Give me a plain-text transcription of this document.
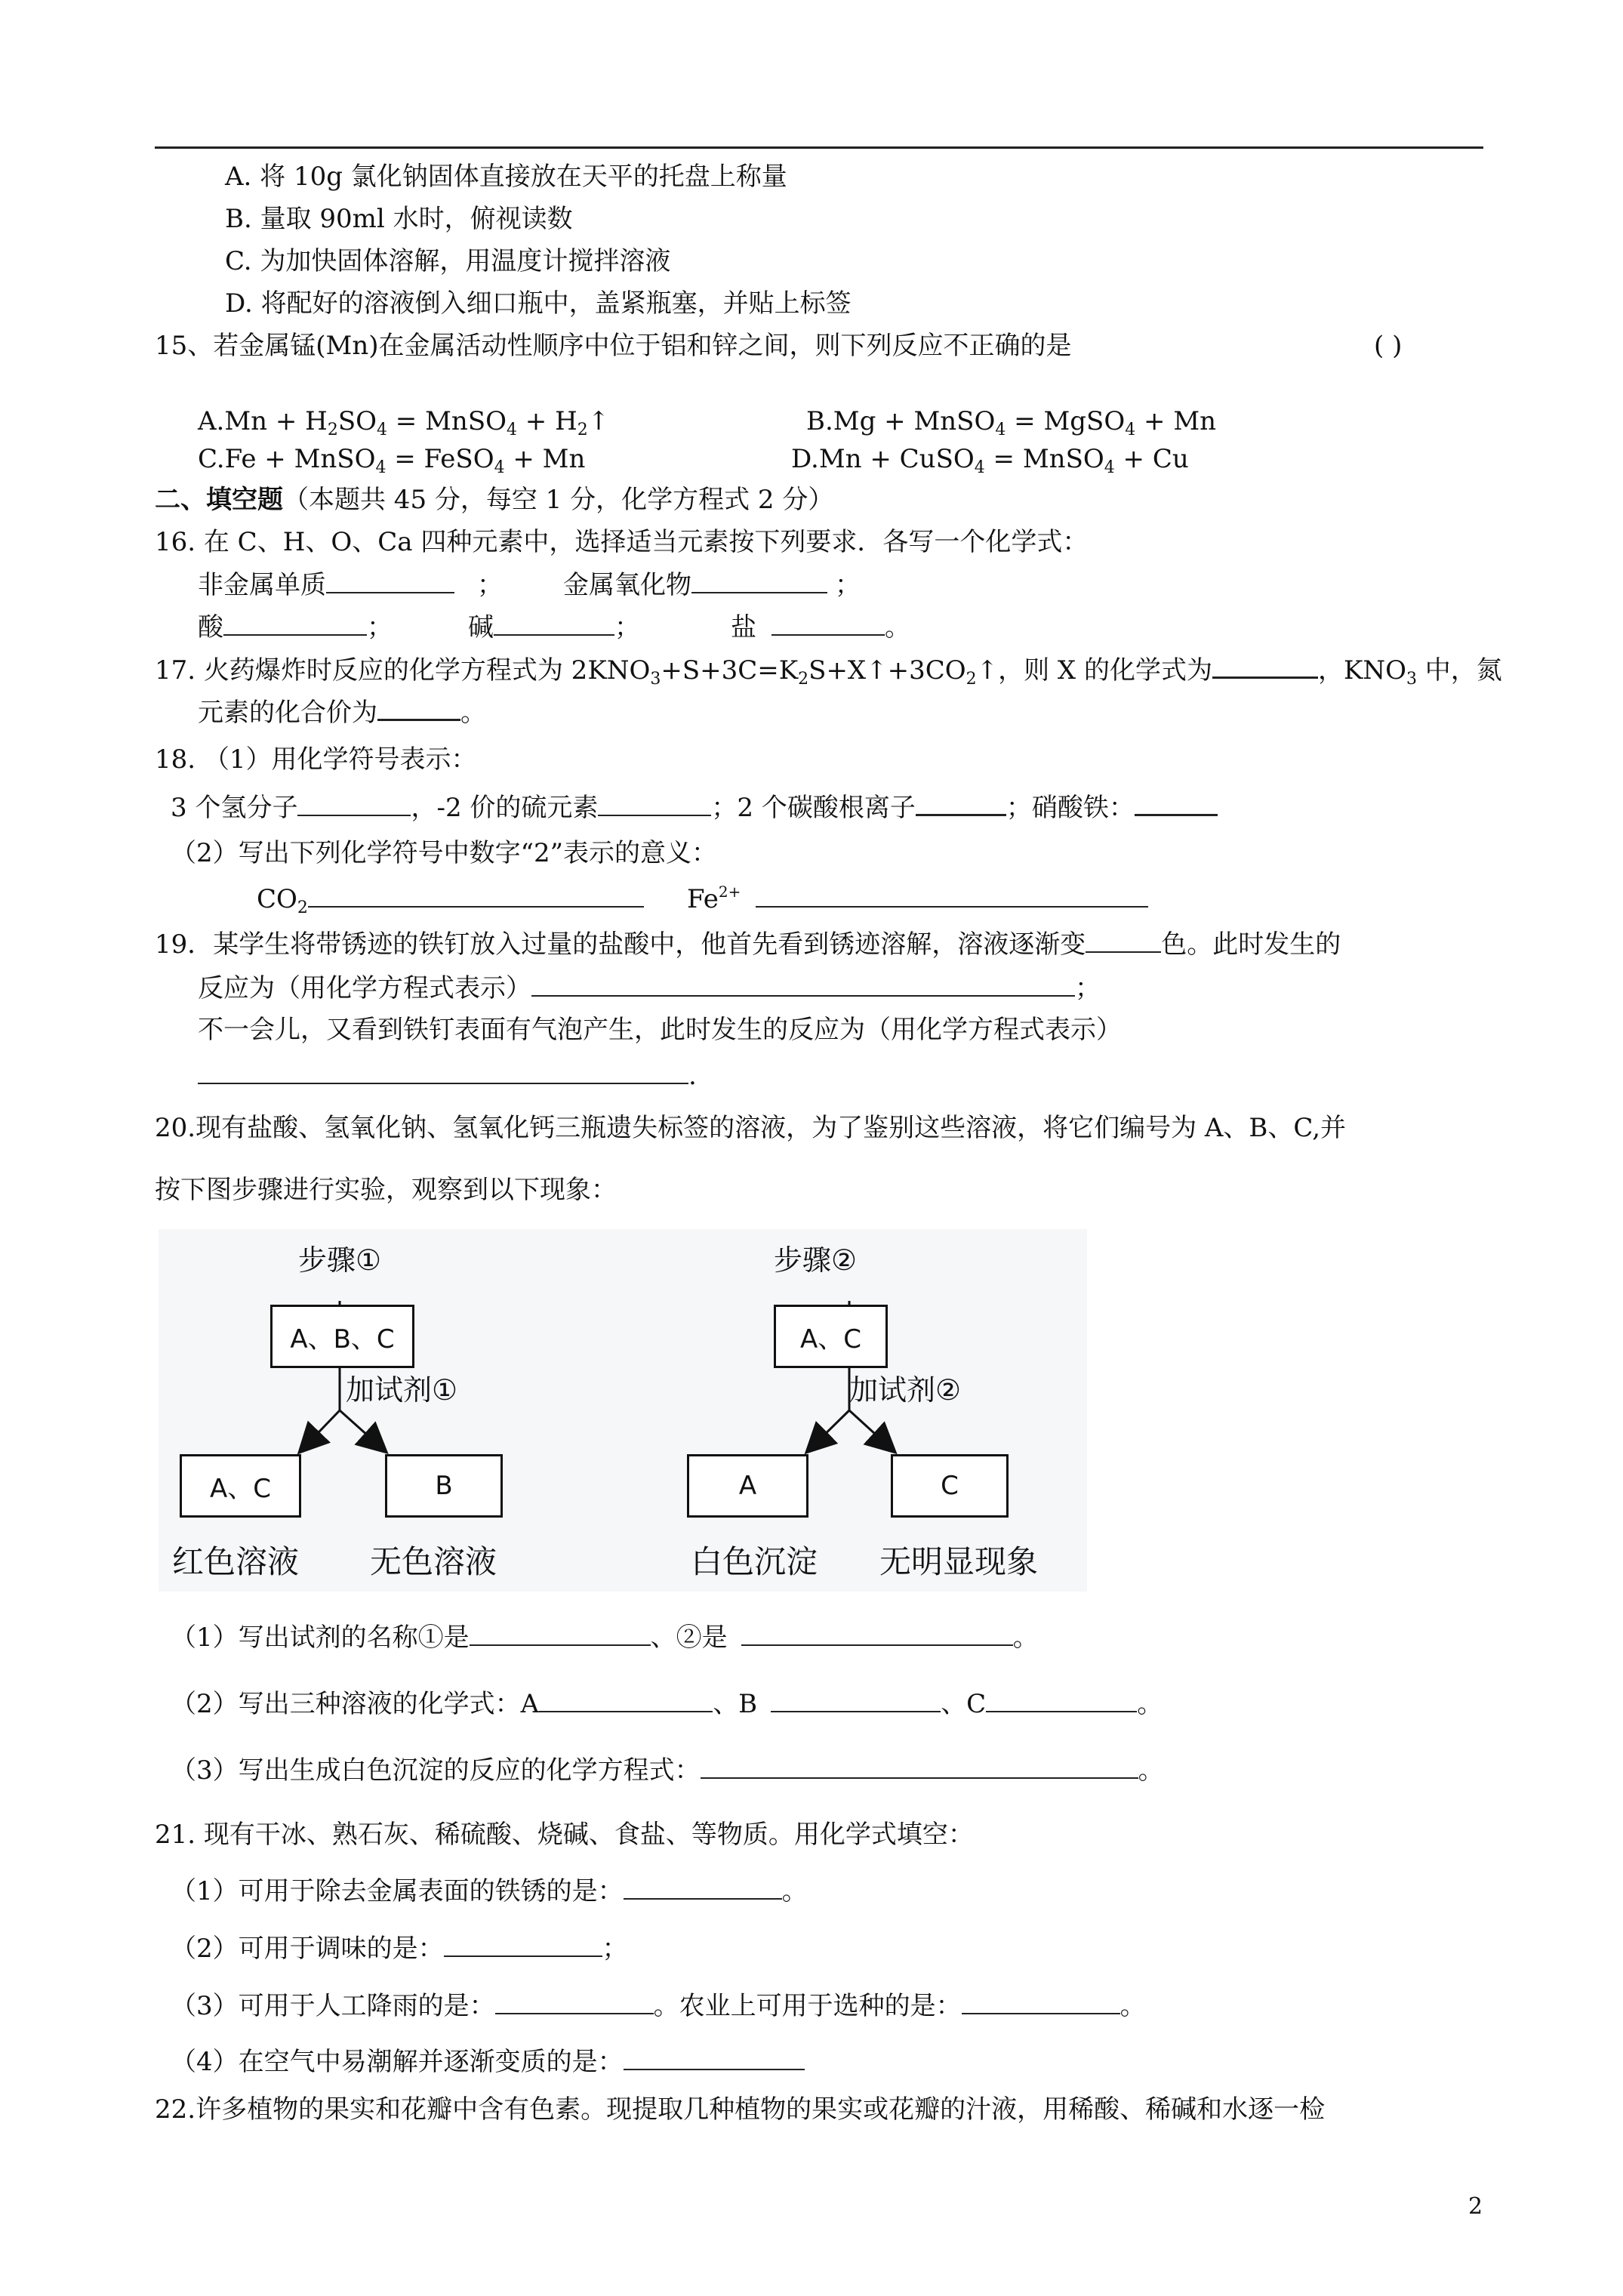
A. 将 10g 氯化钠固体直接放在天平的托盘上称量
B. 量取 90ml 水时，俯视读数
C. 为加快固体溶解，用温度计搅拌溶液
D. 将配好的溶液倒入细口瓶中，盖紧瓶塞，并贴上标签
15、若金属锰(Mn)在金属活动性顺序中位于铝和锌之间，则下列反应不正确的是	( )
$A.Mn + H_2SO_4$ = MnSO$_4$ + $H_2↑$	B.Mg + MnSO$_4$ = MgSO$_4$ + Mn
C.Fe + MnSO$_4$ = FeSO$_4$ + Mn	D.Mn + CuSO$_4$ = MnSO$_4$ + Cu
二、填空题（本题共 45 分，每空 1 分，化学方程式 2 分）
16. 在 C、H、O、Ca 四种元素中，选择适当元素按下列要求．各写一个化学式：
非金属单质	； 金属氧化物	；
酸	；	碱	；	盐	。
17. 火药爆炸时反应的化学方程式为 $2KNO_3+S+3C=K_2S+X↑+3CO_2↑$，则 X 的化学式为	，$KNO_3$ 中，氮
元素的化合价为	。
18. （1）用化学符号表示：
3 个氢分子	，-2 价的硫元素	；2 个碳酸根离子	；硝酸铁：
（2）写出下列化学符号中数字“2”表示的意义：
$CO_2$	$Fe^{2+}$
19．某学生将带锈迹的铁钉放入过量的盐酸中，他首先看到锈迹溶解，溶液逐渐变	色。此时发生的
反应为（用化学方程式表示）	；
不一会儿，又看到铁钉表面有气泡产生，此时发生的反应为（用化学方程式表示）
.
20.现有盐酸、氢氧化钠、氢氧化钙三瓶遗失标签的溶液，为了鉴别这些溶液，将它们编号为 A、B、C,并
按下图步骤进行实验，观察到以下现象：
步骤①	步骤②
A、B、C	A、C
加试剂①	加试剂②
A、C	B	A	C
红色溶液 无色溶液	白色沉淀 无明显现象
（1）写出试剂的名称①是	、②是	。
（2）写出三种溶液的化学式：A	、B	、C	。
（3）写出生成白色沉淀的反应的化学方程式：	。
21. 现有干冰、熟石灰、稀硫酸、烧碱、食盐、等物质。用化学式填空：
（1）可用于除去金属表面的铁锈的是：	。
（2）可用于调味的是：	；
（3）可用于人工降雨的是：	。农业上可用于选种的是：	。
（4）在空气中易潮解并逐渐变质的是：
22.许多植物的果实和花瓣中含有色素。现提取几种植物的果实或花瓣的汁液，用稀酸、稀碱和水逐一检
2
